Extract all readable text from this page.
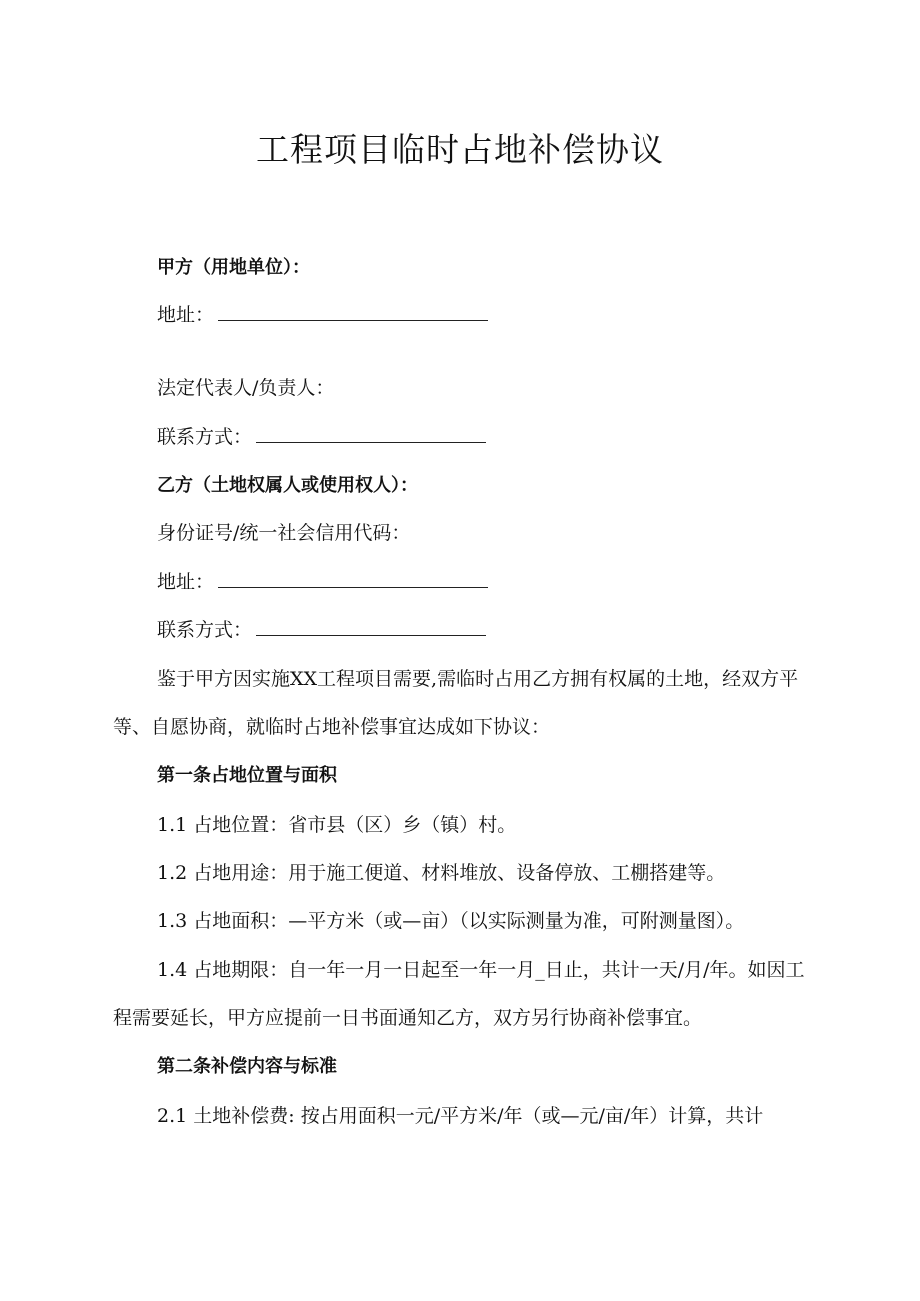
工程项目临时占地补偿协议
甲方（用地单位）：
地址：
法定代表人/负责人：
联系方式：
乙方（土地权属人或使用权人）：
身份证号/统一社会信用代码：
地址：
联系方式：
鉴于甲方因实施XX工程项目需要,需临时占用乙方拥有权属的土地，经双方平等、自愿协商，就临时占地补偿事宜达成如下协议：
第一条占地位置与面积
1.1 占地位置：省市县（区）乡（镇）村。
1.2 占地用途：用于施工便道、材料堆放、设备停放、工棚搭建等。
1.3 占地面积：—平方米（或—亩）（以实际测量为准，可附测量图）。
1.4 占地期限：自一年一月一日起至一年一月_日止，共计一天/月/年。如因工程需要延长，甲方应提前一日书面通知乙方，双方另行协商补偿事宜。
第二条补偿内容与标准
2.1 土地补偿费: 按占用面积一元/平方米/年（或—元/亩/年）计算，共计
